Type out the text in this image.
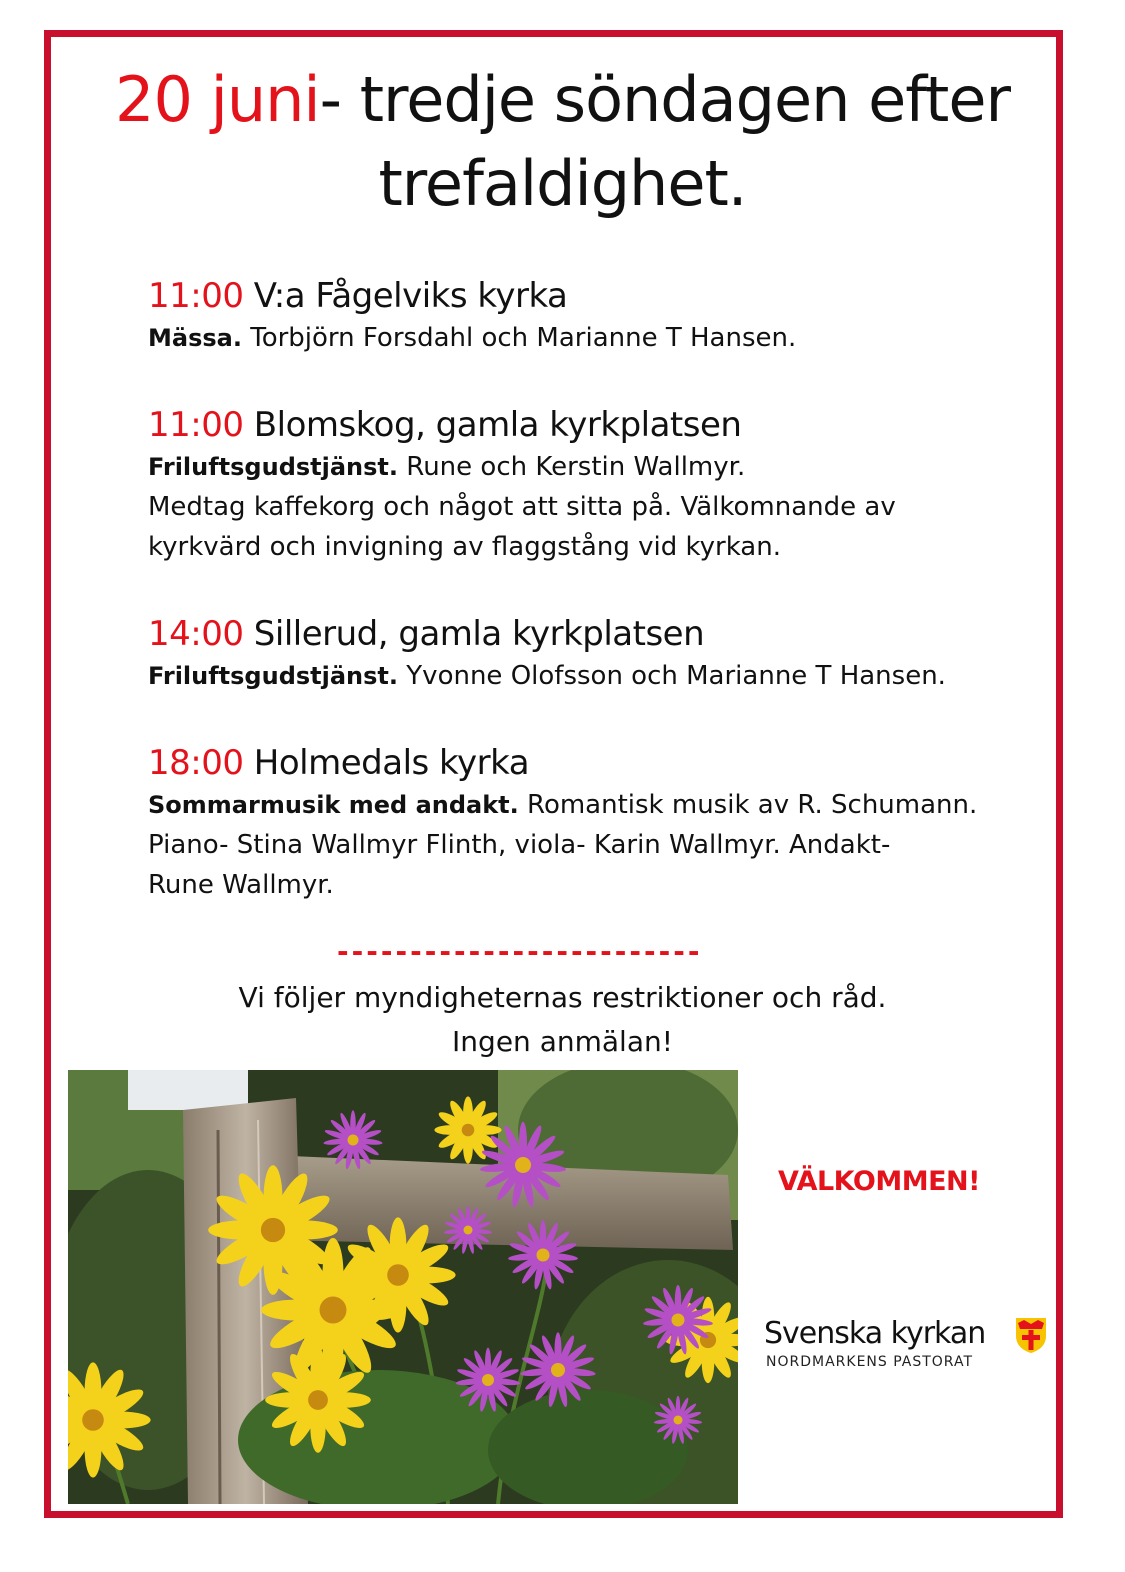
20 juni- tredje söndagen efter
trefaldighet.
11:00 V:a Fågelviks kyrka

Mässa. Torbjörn Forsdahl och Marianne T Hansen.

11:00 Blomskog, gamla kyrkplatsen

Friluftsgudstjänst. Rune och Kerstin Wallmyr.

Medtag kaffekorg och något att sitta på. Välkomnande av

kyrkvärd och invigning av flaggstång vid kyrkan.

14:00 Sillerud, gamla kyrkplatsen

Friluftsgudstjänst. Yvonne Olofsson och Marianne T Hansen.

18:00 Holmedals kyrka

Sommarmusik med andakt. Romantisk musik av R. Schumann.

Piano- Stina Wallmyr Flinth, viola- Karin Wallmyr. Andakt-

Rune Wallmyr.

-------------------------
Vi följer myndigheternas restriktioner och råd.
Ingen anmälan!
VÄLKOMMEN!
Svenska kyrkan
NORDMARKENS PASTORAT
